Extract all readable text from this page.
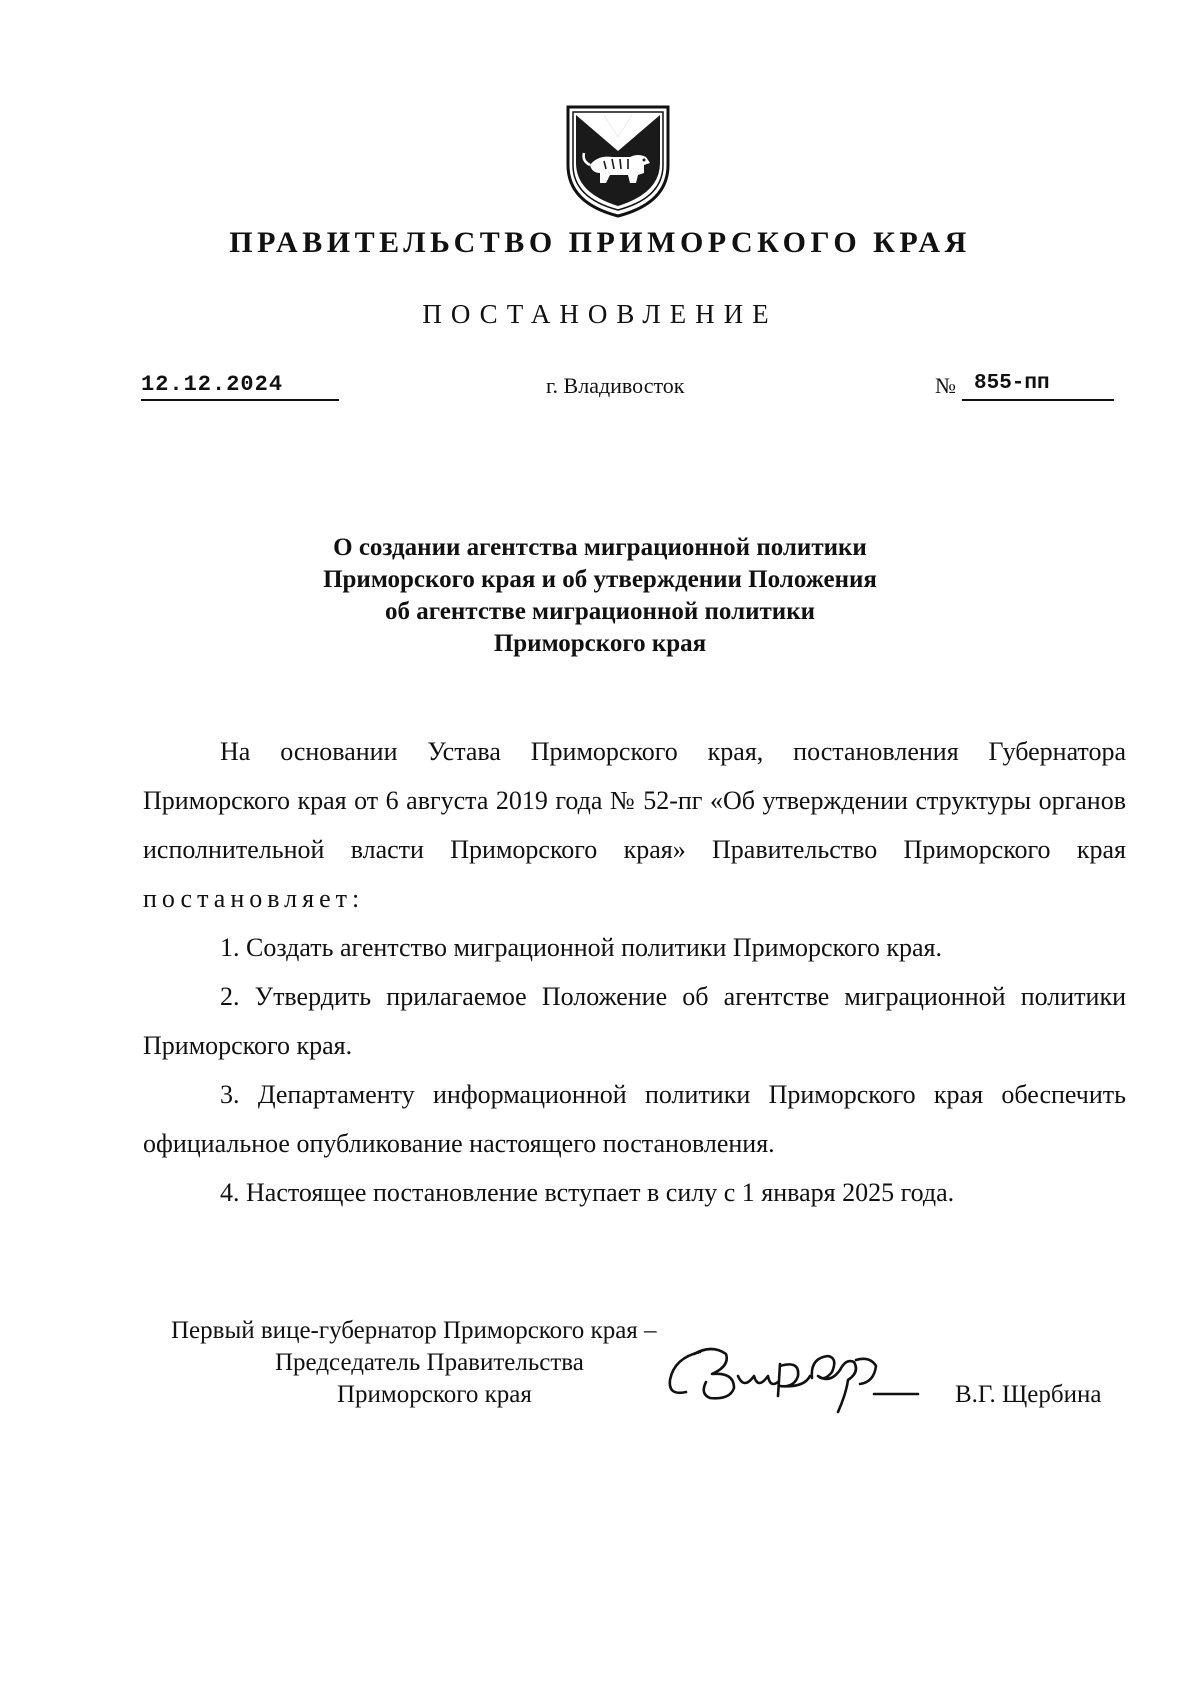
ПРАВИТЕЛЬСТВО ПРИМОРСКОГО КРАЯ
ПОСТАНОВЛЕНИЕ
12.12.2024	г. Владивосток	№ 855-пп
О создании агентства миграционной политики
Приморского края и об утверждении Положения
об агентстве миграционной политики
Приморского края

На основании Устава Приморского края, постановления Губернатора Приморского края от 6 августа 2019 года № 52-пг «Об утверждении структуры органов исполнительной власти Приморского края» Правительство Приморского края постановляет:

1. Создать агентство миграционной политики Приморского края.

2. Утвердить прилагаемое Положение об агентстве миграционной политики Приморского края.

3. Департаменту информационной политики Приморского края обеспечить официальное опубликование настоящего постановления.

4. Настоящее постановление вступает в силу с 1 января 2025 года.

Первый вице-губернатор Приморского края –
Председатель Правительства
Приморского края	В.Г. Щербина
